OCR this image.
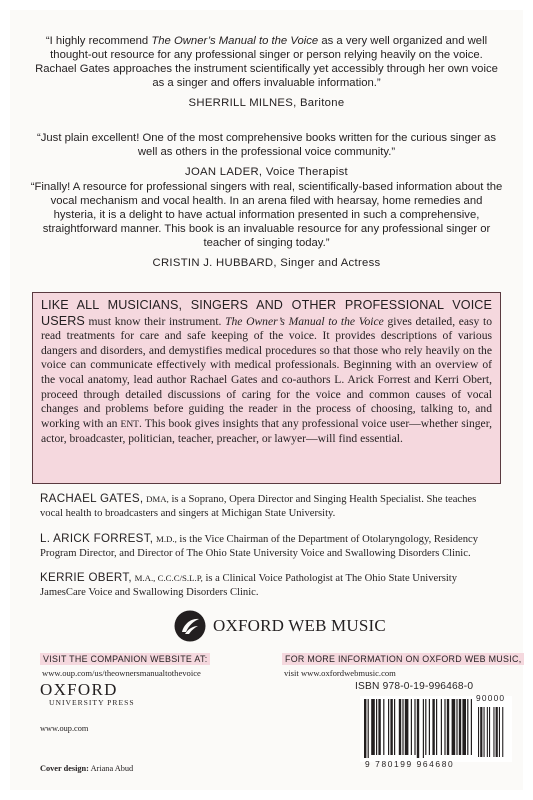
“I highly recommend The Owner’s Manual to the Voice as a very well organized and well thought-out resource for any professional singer or person relying heavily on the voice. Rachael Gates approaches the instrument scientifically yet accessibly through her own voice as a singer and offers invaluable information.”
SHERRILL MILNES, Baritone
“Just plain excellent! One of the most comprehensive books written for the curious singer as well as others in the professional voice community.”
JOAN LADER, Voice Therapist
“Finally! A resource for professional singers with real, scientifically-based information about the vocal mechanism and vocal health. In an arena filed with hearsay, home remedies and hysteria, it is a delight to have actual information presented in such a comprehensive, straightforward manner. This book is an invaluable resource for any professional singer or teacher of singing today.”
CRISTIN J. HUBBARD, Singer and Actress
LIKE ALL MUSICIANS, SINGERS AND OTHER PROFESSIONAL VOICE USERS must know their instrument. The Owner’s Manual to the Voice gives detailed, easy to read treatments for care and safe keeping of the voice. It provides descriptions of various dangers and disorders, and demystifies medical procedures so that those who rely heavily on the voice can communicate effectively with medical professionals. Beginning with an overview of the vocal anatomy, lead author Rachael Gates and co-authors L. Arick Forrest and Kerri Obert, proceed through detailed discussions of caring for the voice and common causes of vocal changes and problems before guiding the reader in the process of choosing, talking to, and working with an ENT. This book gives insights that any professional voice user—whether singer, actor, broadcaster, politician, teacher, preacher, or lawyer—will find essential.
RACHAEL GATES, DMA, is a Soprano, Opera Director and Singing Health Specialist. She teaches vocal health to broadcasters and singers at Michigan State University.
L. ARICK FORREST, M.D., is the Vice Chairman of the Department of Otolaryngology, Residency Program Director, and Director of The Ohio State University Voice and Swallowing Disorders Clinic.
KERRIE OBERT, M.A., C.C.C/S.L.P, is a Clinical Voice Pathologist at The Ohio State University JamesCare Voice and Swallowing Disorders Clinic.
OXFORD WEB MUSIC
VISIT THE COMPANION WEBSITE AT:
www.oup.com/us/theownersmanualtothevoice
FOR MORE INFORMATION ON OXFORD WEB MUSIC,
visit www.oxfordwebmusic.com
OXFORD
UNIVERSITY PRESS
www.oup.com
Cover design: Ariana Abud
ISBN 978-0-19-996468-0
90000
9 780199 964680
